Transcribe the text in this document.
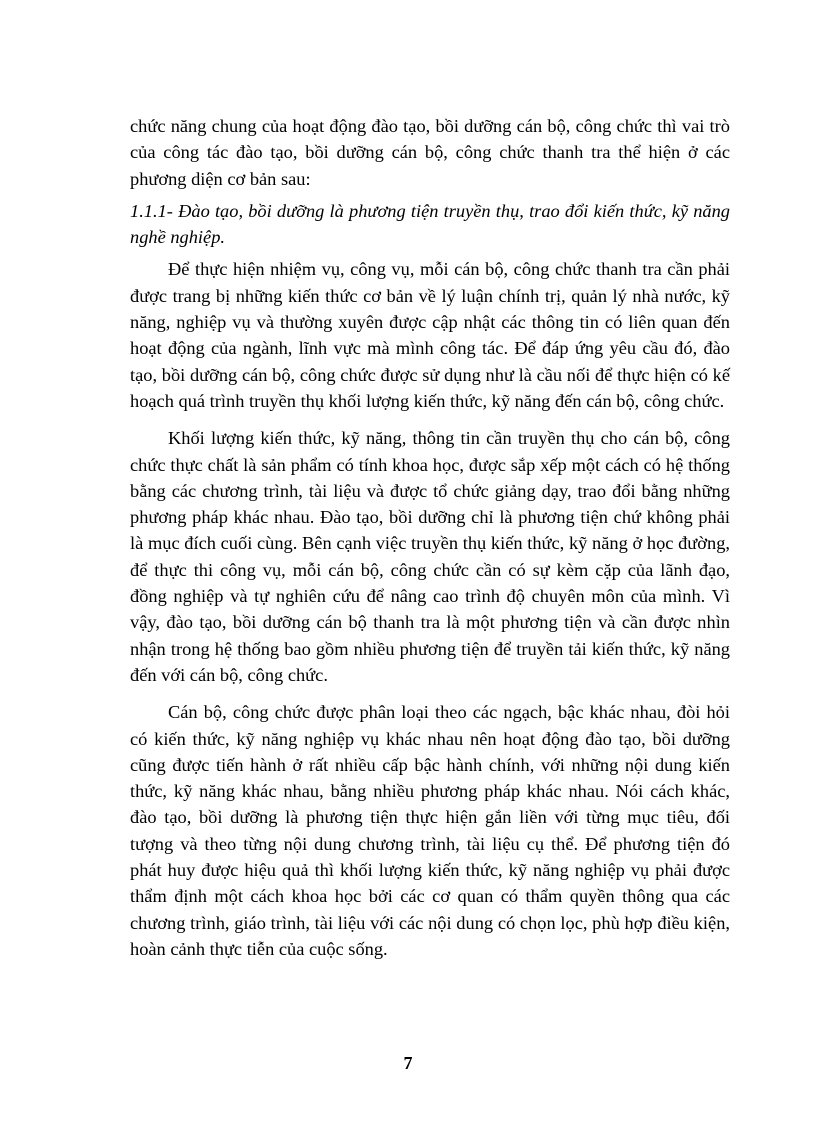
chức năng chung của hoạt động đào tạo, bồi dưỡng cán bộ, công chức thì vai trò của công tác đào tạo, bồi dưỡng cán bộ, công chức thanh tra thể hiện ở các phương diện cơ bản sau:

1.1.1- Đào tạo, bồi dưỡng là phương tiện truyền thụ, trao đổi kiến thức, kỹ năng nghề nghiệp.

Để thực hiện nhiệm vụ, công vụ, mỗi cán bộ, công chức thanh tra cần phải được trang bị những kiến thức cơ bản về lý luận chính trị, quản lý nhà nước, kỹ năng, nghiệp vụ và thường xuyên được cập nhật các thông tin có liên quan đến hoạt động của ngành, lĩnh vực mà mình công tác. Để đáp ứng yêu cầu đó, đào tạo, bồi dưỡng cán bộ, công chức được sử dụng như là cầu nối để thực hiện có kế hoạch quá trình truyền thụ khối lượng kiến thức, kỹ năng đến cán bộ, công chức.

Khối lượng kiến thức, kỹ năng, thông tin cần truyền thụ cho cán bộ, công chức thực chất là sản phẩm có tính khoa học, được sắp xếp một cách có hệ thống bằng các chương trình, tài liệu và được tổ chức giảng dạy, trao đổi bằng những phương pháp khác nhau. Đào tạo, bồi dưỡng chỉ là phương tiện chứ không phải là mục đích cuối cùng. Bên cạnh việc truyền thụ kiến thức, kỹ năng ở học đường, để thực thi công vụ, mỗi cán bộ, công chức cần có sự kèm cặp của lãnh đạo, đồng nghiệp và tự nghiên cứu để nâng cao trình độ chuyên môn của mình. Vì vậy, đào tạo, bồi dưỡng cán bộ thanh tra là một phương tiện và cần được nhìn nhận trong hệ thống bao gồm nhiều phương tiện để truyền tải kiến thức, kỹ năng đến với cán bộ, công chức.

Cán bộ, công chức được phân loại theo các ngạch, bậc khác nhau, đòi hỏi có kiến thức, kỹ năng nghiệp vụ khác nhau nên hoạt động đào tạo, bồi dưỡng cũng được tiến hành ở rất nhiều cấp bậc hành chính, với những nội dung kiến thức, kỹ năng khác nhau, bằng nhiều phương pháp khác nhau. Nói cách khác, đào tạo, bồi dưỡng là phương tiện thực hiện gắn liền với từng mục tiêu, đối tượng và theo từng nội dung chương trình, tài liệu cụ thể. Để phương tiện đó phát huy được hiệu quả thì khối lượng kiến thức, kỹ năng nghiệp vụ phải được thẩm định một cách khoa học bởi các cơ quan có thẩm quyền thông qua các chương trình, giáo trình, tài liệu với các nội dung có chọn lọc, phù hợp điều kiện, hoàn cảnh thực tiễn của cuộc sống.

7
